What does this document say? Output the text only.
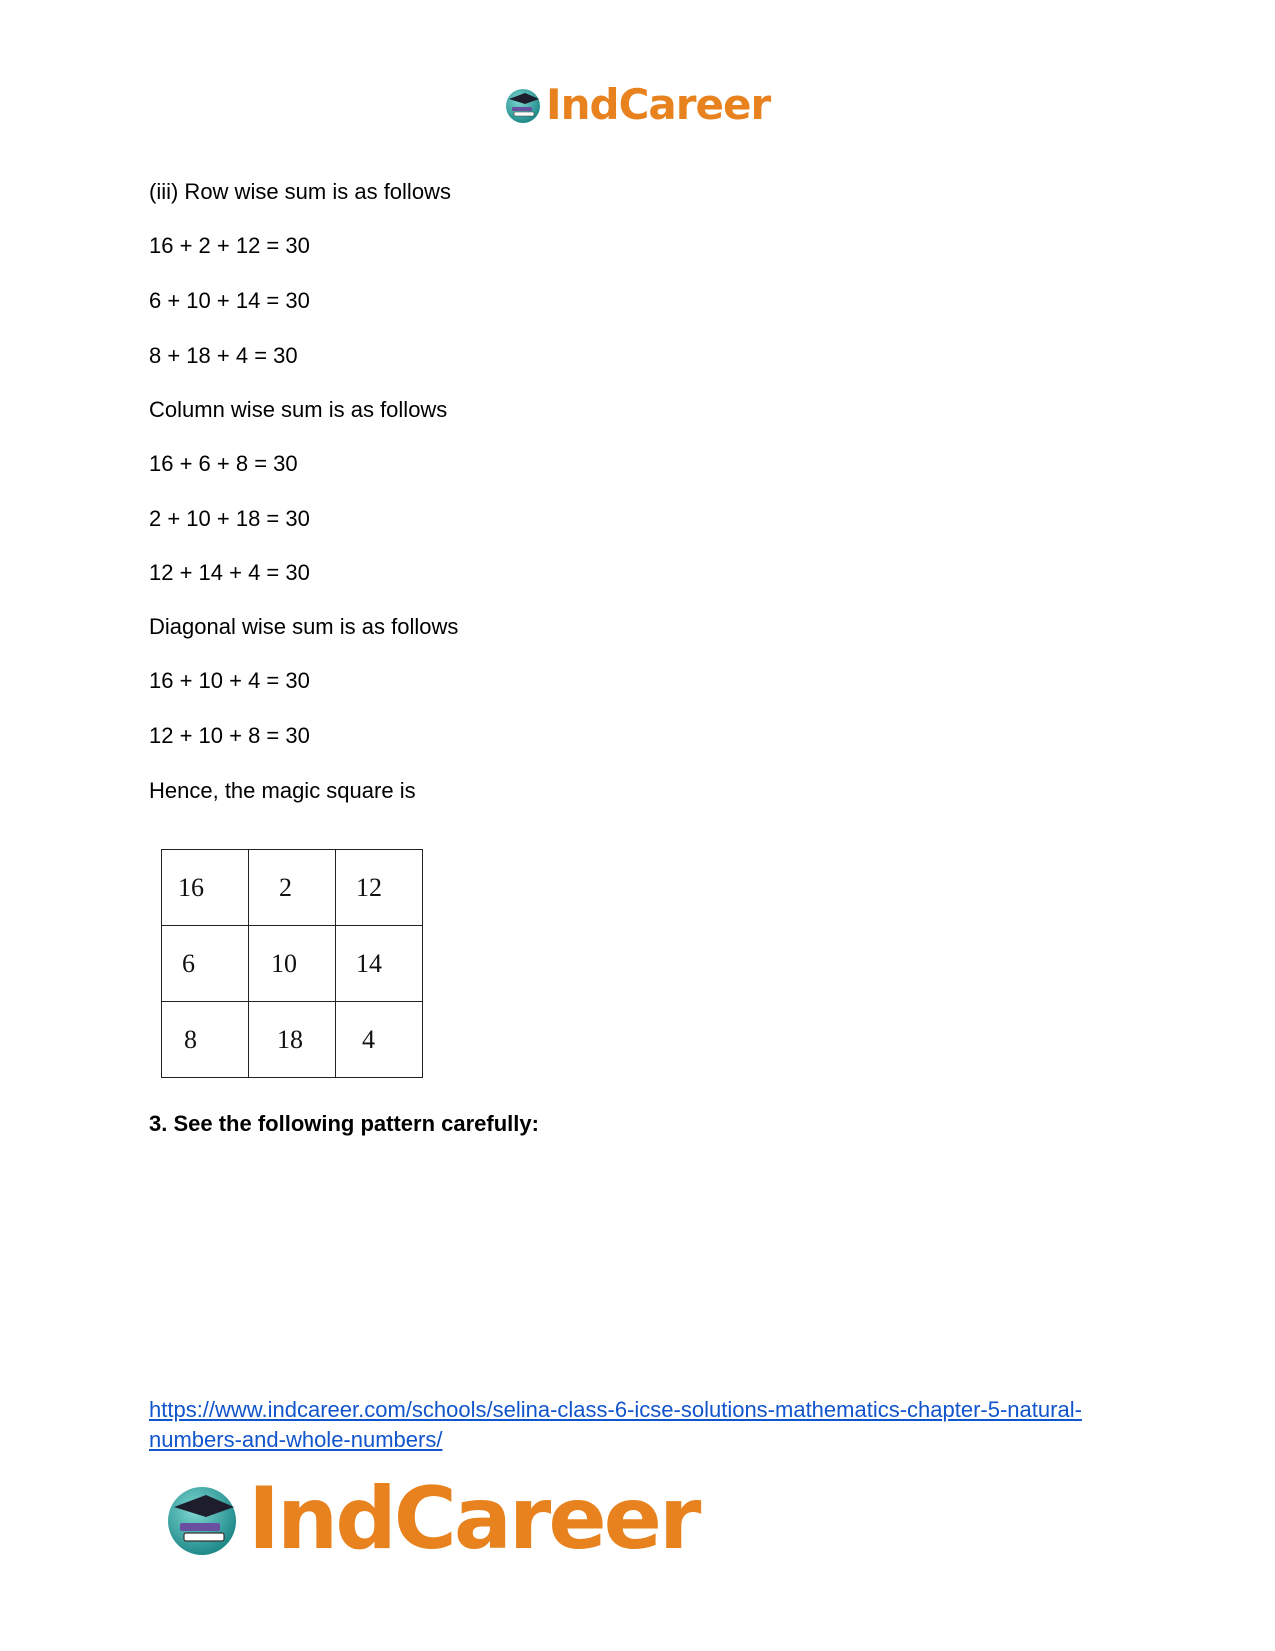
IndCareer
(iii) Row wise sum is as follows
16 + 2 + 12 = 30
6 + 10 + 14 = 30
8 + 18 + 4 = 30
Column wise sum is as follows
16 + 6 + 8 = 30
2 + 10 + 18 = 30
12 + 14 + 4 = 30
Diagonal wise sum is as follows
16 + 10 + 4 = 30
12 + 10 + 8 = 30
Hence, the magic square is
3. See the following pattern carefully:
16	2	12

6	10	14

8	18	4
https://www.indcareer.com/schools/selina-class-6-icse-solutions-mathematics-chapter-5-natural-numbers-and-whole-numbers/
IndCareer
